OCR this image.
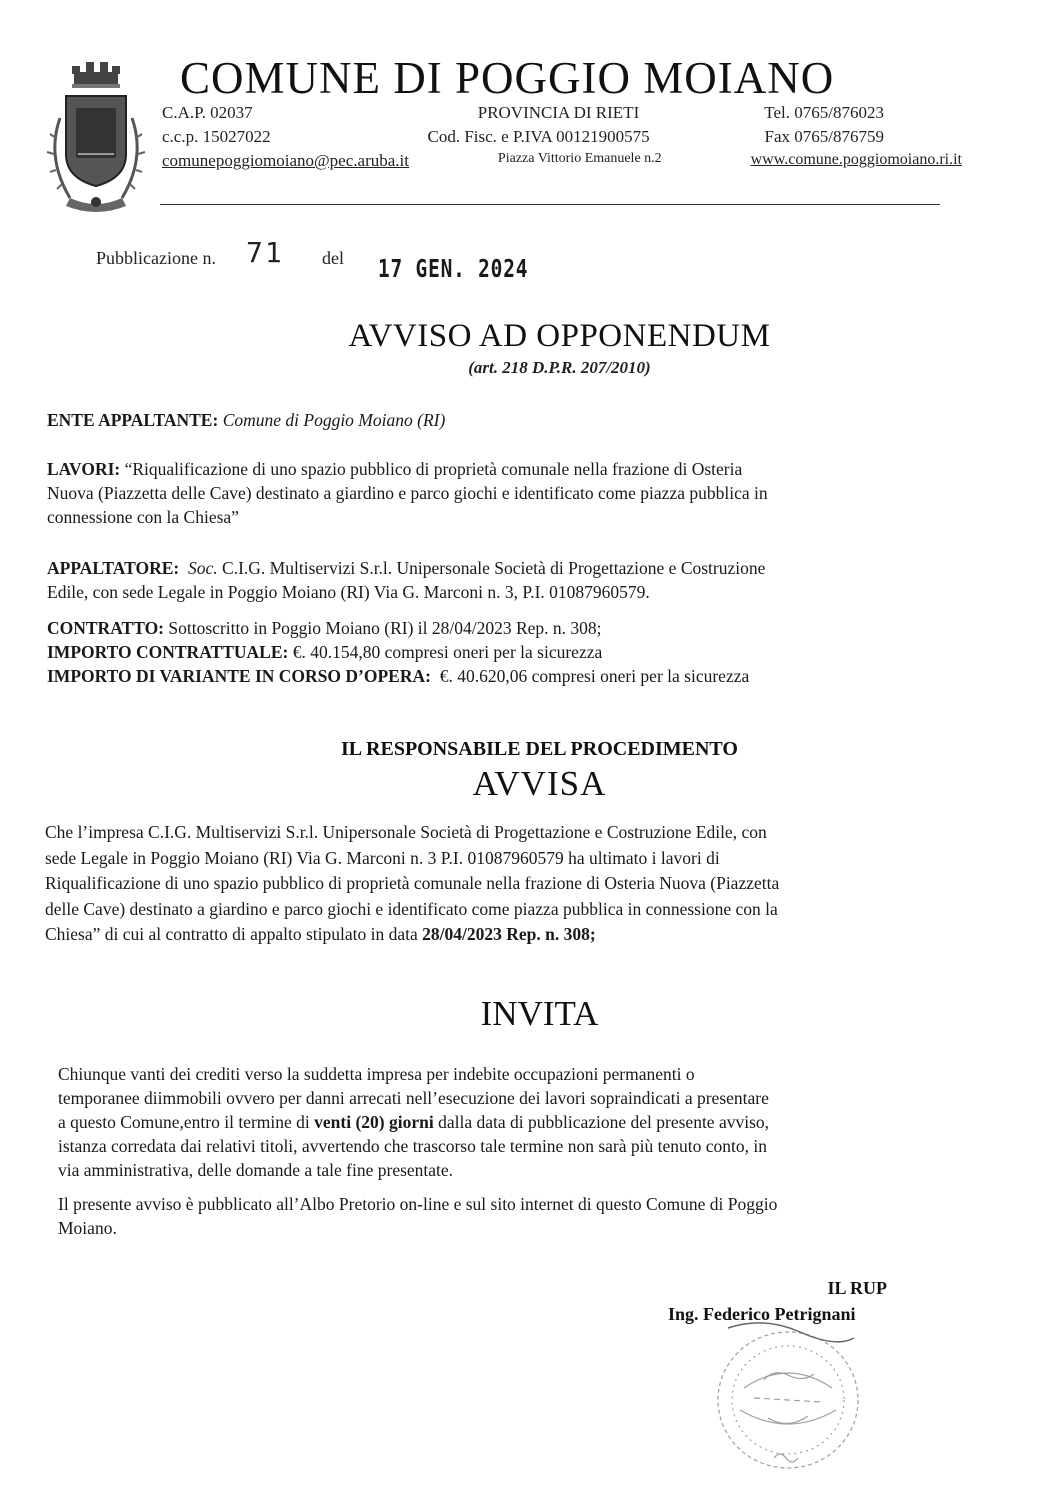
COMUNE DI POGGIO MOIANO
C.A.P. 02037	PROVINCIA DI RIETI	Tel. 0765/876023
c.c.p. 15027022	Cod. Fisc. e P.IVA 00121900575	Fax 0765/876759
comunepoggiomoiano@pec.aruba.it	Piazza Vittorio Emanuele n.2	www.comune.poggiomoiano.ri.it
Pubblicazione n. 71 del 17 GEN. 2024
AVVISO AD OPPONENDUM
(art. 218 D.P.R. 207/2010)
ENTE APPALTANTE: Comune di Poggio Moiano (RI)
LAVORI: “Riqualificazione di uno spazio pubblico di proprietà comunale nella frazione di Osteria
Nuova (Piazzetta delle Cave) destinato a giardino e parco giochi e identificato come piazza pubblica in
connessione con la Chiesa”
APPALTATORE: Soc. C.I.G. Multiservizi S.r.l. Unipersonale Società di Progettazione e Costruzione
Edile, con sede Legale in Poggio Moiano (RI) Via G. Marconi n. 3, P.I. 01087960579.
CONTRATTO: Sottoscritto in Poggio Moiano (RI) il 28/04/2023 Rep. n. 308;
IMPORTO CONTRATTUALE: €. 40.154,80 compresi oneri per la sicurezza
IMPORTO DI VARIANTE IN CORSO D’OPERA: €. 40.620,06 compresi oneri per la sicurezza
IL RESPONSABILE DEL PROCEDIMENTO
AVVISA
Che l’impresa C.I.G. Multiservizi S.r.l. Unipersonale Società di Progettazione e Costruzione Edile, con
sede Legale in Poggio Moiano (RI) Via G. Marconi n. 3 P.I. 01087960579 ha ultimato i lavori di
Riqualificazione di uno spazio pubblico di proprietà comunale nella frazione di Osteria Nuova (Piazzetta
delle Cave) destinato a giardino e parco giochi e identificato come piazza pubblica in connessione con la
Chiesa” di cui al contratto di appalto stipulato in data 28/04/2023 Rep. n. 308;
INVITA
Chiunque vanti dei crediti verso la suddetta impresa per indebite occupazioni permanenti o
temporanee diimmobili ovvero per danni arrecati nell’esecuzione dei lavori sopraindicati a presentare
a questo Comune,entro il termine di venti (20) giorni dalla data di pubblicazione del presente avviso,
istanza corredata dai relativi titoli, avvertendo che trascorso tale termine non sarà più tenuto conto, in
via amministrativa, delle domande a tale fine presentate.
Il presente avviso è pubblicato all’Albo Pretorio on-line e sul sito internet di questo Comune di Poggio
Moiano.
IL RUP
Ing. Federico Petrignani
